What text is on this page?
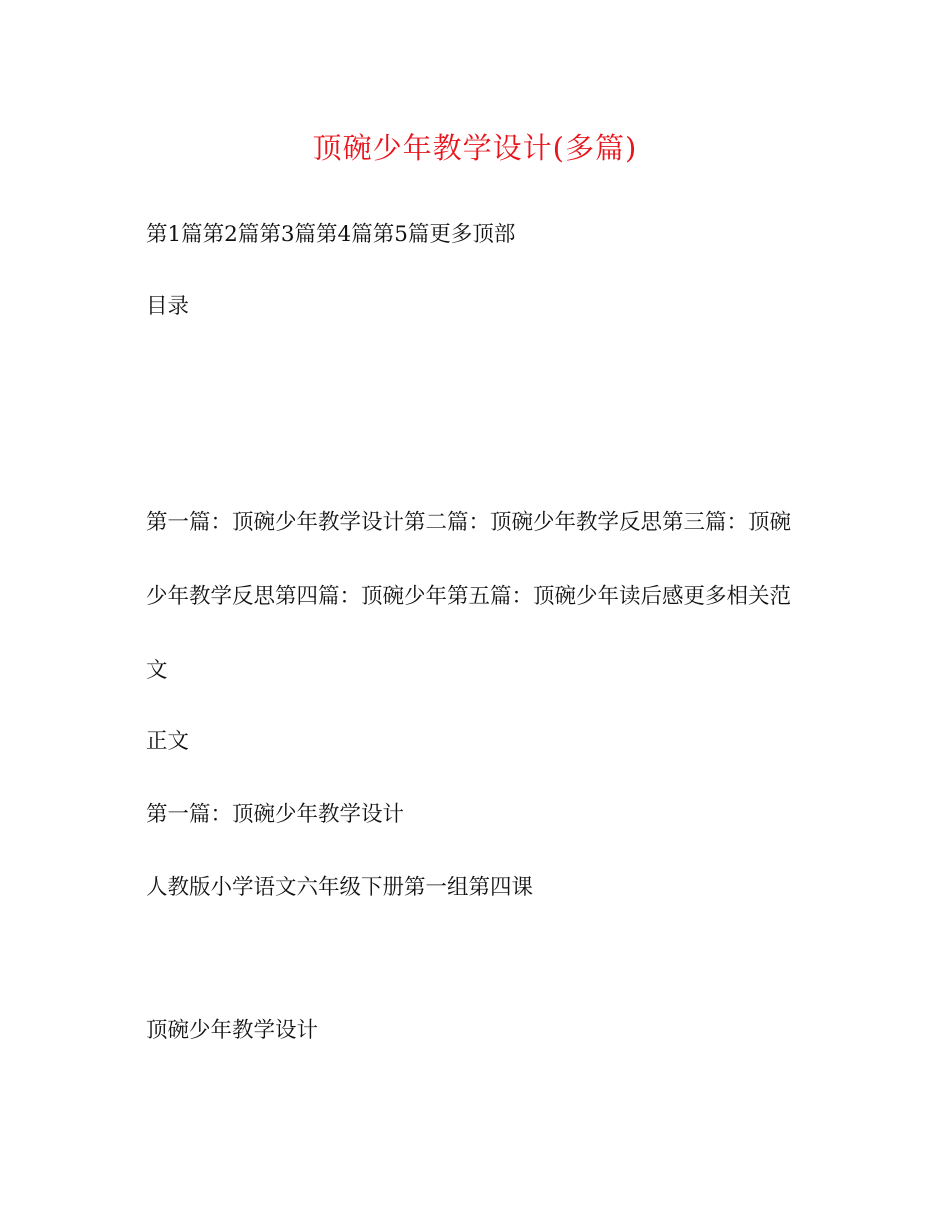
顶碗少年教学设计(多篇)
第1篇第2篇第3篇第4篇第5篇更多顶部
目录
第一篇：顶碗少年教学设计第二篇：顶碗少年教学反思第三篇：顶碗少年教学反思第四篇：顶碗少年第五篇：顶碗少年读后感更多相关范文
正文
第一篇：顶碗少年教学设计
人教版小学语文六年级下册第一组第四课
顶碗少年教学设计
